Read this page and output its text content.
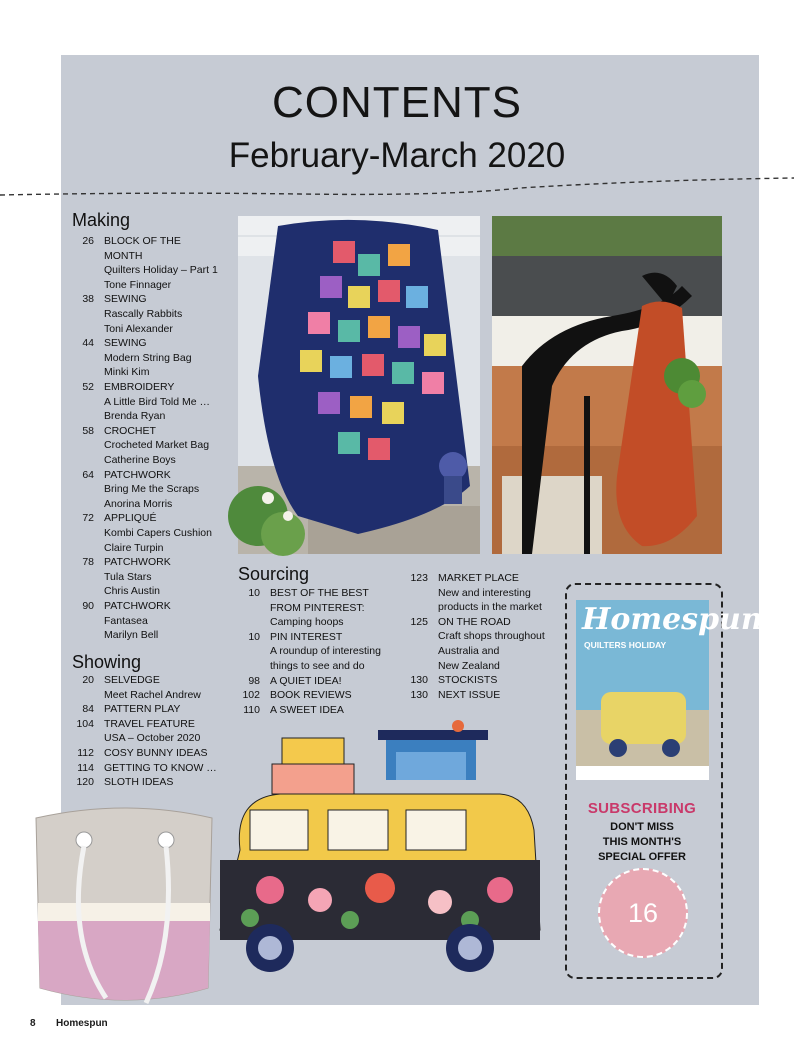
CONTENTS
February-March 2020
Making
26 BLOCK OF THE MONTH
Quilters Holiday – Part 1
Tone Finnager
38 SEWING
Rascally Rabbits
Toni Alexander
44 SEWING
Modern String Bag
Minki Kim
52 EMBROIDERY
A Little Bird Told Me …
Brenda Ryan
58 CROCHET
Crocheted Market Bag
Catherine Boys
64 PATCHWORK
Bring Me the Scraps
Anorina Morris
72 APPLIQUÉ
Kombi Capers Cushion
Claire Turpin
78 PATCHWORK
Tula Stars
Chris Austin
90 PATCHWORK
Fantasea
Marilyn Bell
Showing
20 SELVEDGE
Meet Rachel Andrew
84 PATTERN PLAY
104 TRAVEL FEATURE
USA – October 2020
112 COSY BUNNY IDEAS
114 GETTING TO KNOW …
120 SLOTH IDEAS
Sourcing
10 BEST OF THE BEST
FROM PINTEREST:
Camping hoops
10 PIN INTEREST
A roundup of interesting
things to see and do
98 A QUIET IDEA!
102 BOOK REVIEWS
110 A SWEET IDEA
123 MARKET PLACE
New and interesting
products in the market
125 ON THE ROAD
Craft shops throughout
Australia and
New Zealand
130 STOCKISTS
130 NEXT ISSUE
Homespun
QUILTERS HOLIDAY
SUBSCRIBING
DON'T MISS
THIS MONTH'S
SPECIAL OFFER
16
8 Homespun
